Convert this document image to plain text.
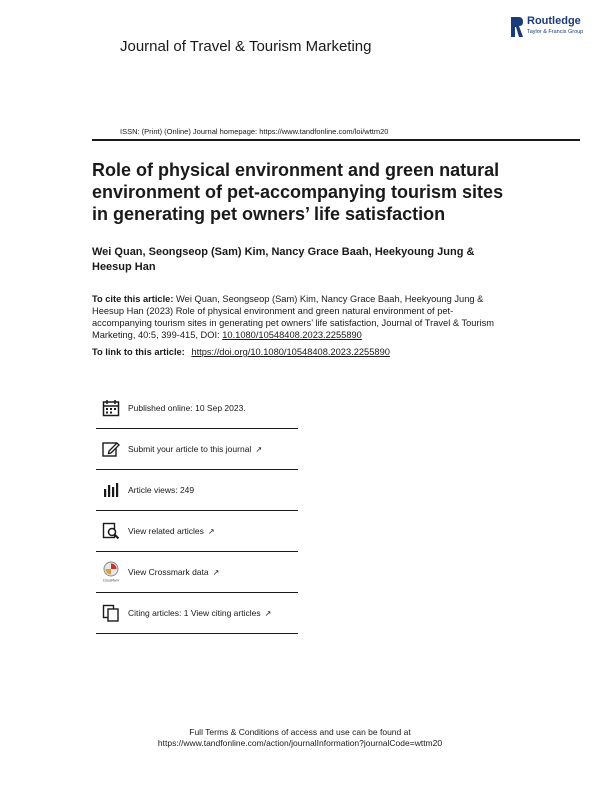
Journal of Travel & Tourism Marketing
Routledge
Taylor & Francis Group
ISSN: (Print) (Online) Journal homepage: https://www.tandfonline.com/loi/wttm20
Role of physical environment and green natural environment of pet-accompanying tourism sites in generating pet owners’ life satisfaction
Wei Quan, Seongseop (Sam) Kim, Nancy Grace Baah, Heekyoung Jung & Heesup Han
To cite this article: Wei Quan, Seongseop (Sam) Kim, Nancy Grace Baah, Heekyoung Jung & Heesup Han (2023) Role of physical environment and green natural environment of pet-accompanying tourism sites in generating pet owners’ life satisfaction, Journal of Travel & Tourism Marketing, 40:5, 399-415, DOI: 10.1080/10548408.2023.2255890
To link to this article: https://doi.org/10.1080/10548408.2023.2255890
Published online: 10 Sep 2023.
Submit your article to this journal ↗
Article views: 249
View related articles ↗
CrossMark
View Crossmark data ↗
Citing articles: 1 View citing articles ↗
Full Terms & Conditions of access and use can be found at
https://www.tandfonline.com/action/journalInformation?journalCode=wttm20
